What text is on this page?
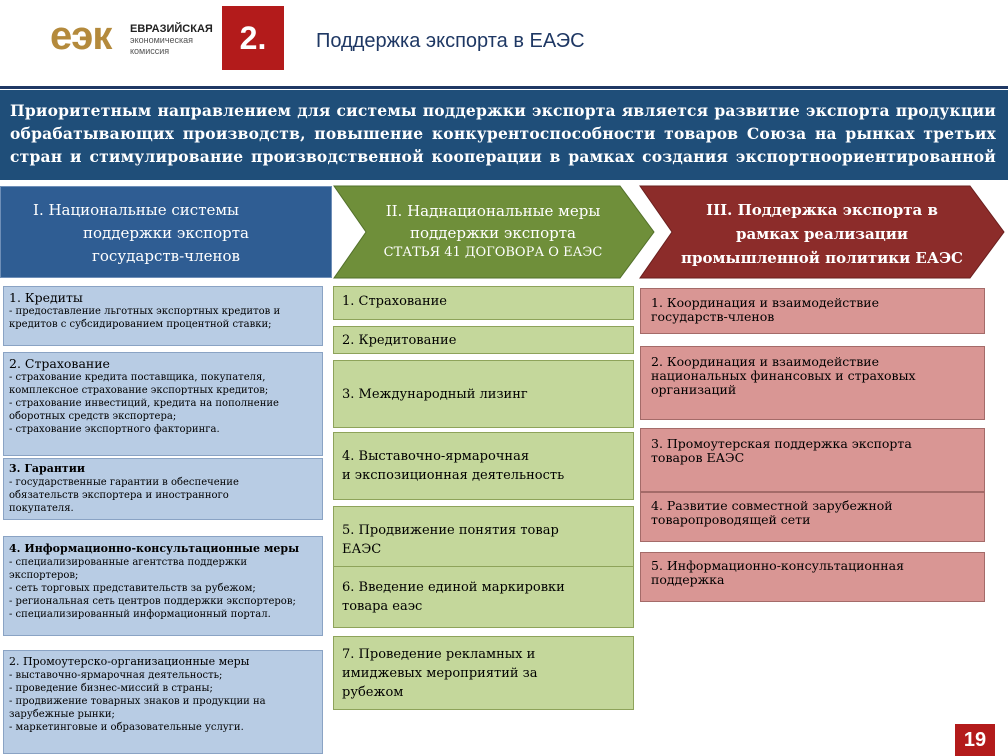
еэк ЕВРАЗИЙСКАЯ
экономическая
комиссия	2.	Поддержка экспорта в ЕАЭС
Приоритетным направлением для системы поддержки экспорта является развитие экспорта продукции обрабатывающих производств, повышение конкурентоспособности товаров Союза на рынках третьих стран и стимулирование производственной кооперации в рамках создания экспортноориентированной
I. Национальные системы
поддержки экспорта
государств-членов
II. Наднациональные меры
поддержки экспорта
СТАТЬЯ 41 ДОГОВОРА О ЕАЭС
III. Поддержка экспорта в
рамках реализации
промышленной политики ЕАЭС
1. Кредиты
- предоставление льготных экспортных кредитов и
кредитов с субсидированием процентной ставки;
2. Страхование
- страхование кредита поставщика, покупателя,
комплексное страхование экспортных кредитов;
- страхование инвестиций, кредита на пополнение
оборотных средств экспортера;
- страхование экспортного факторинга.
3. Гарантии
- государственные гарантии в обеспечение
обязательств экспортера и иностранного
покупателя.
4. Информационно-консультационные меры
- специализированные агентства поддержки
экспортеров;
- сеть торговых представительств за рубежом;
- региональная сеть центров поддержки экспортеров;
- специализированный информационный портал.
2. Промоутерско-организационные меры
- выставочно-ярмарочная деятельность;
- проведение бизнес-миссий в страны;
- продвижение товарных знаков и продукции на
зарубежные рынки;
- маркетинговые и образовательные услуги.
1. Страхование
2. Кредитование
3. Международный лизинг
4. Выставочно-ярмарочная
и экспозиционная деятельность
5. Продвижение понятия товар
ЕАЭС
6. Введение единой маркировки
товара еаэс
7. Проведение рекламных и
имиджевых мероприятий за
рубежом
1. Координация и взаимодействие
государств-членов
2. Координация и взаимодействие
национальных финансовых и страховых
организаций
3. Промоутерская поддержка экспорта
товаров ЕАЭС
4. Развитие совместной зарубежной
товаропроводящей сети
5. Информационно-консультационная
поддержка
19
